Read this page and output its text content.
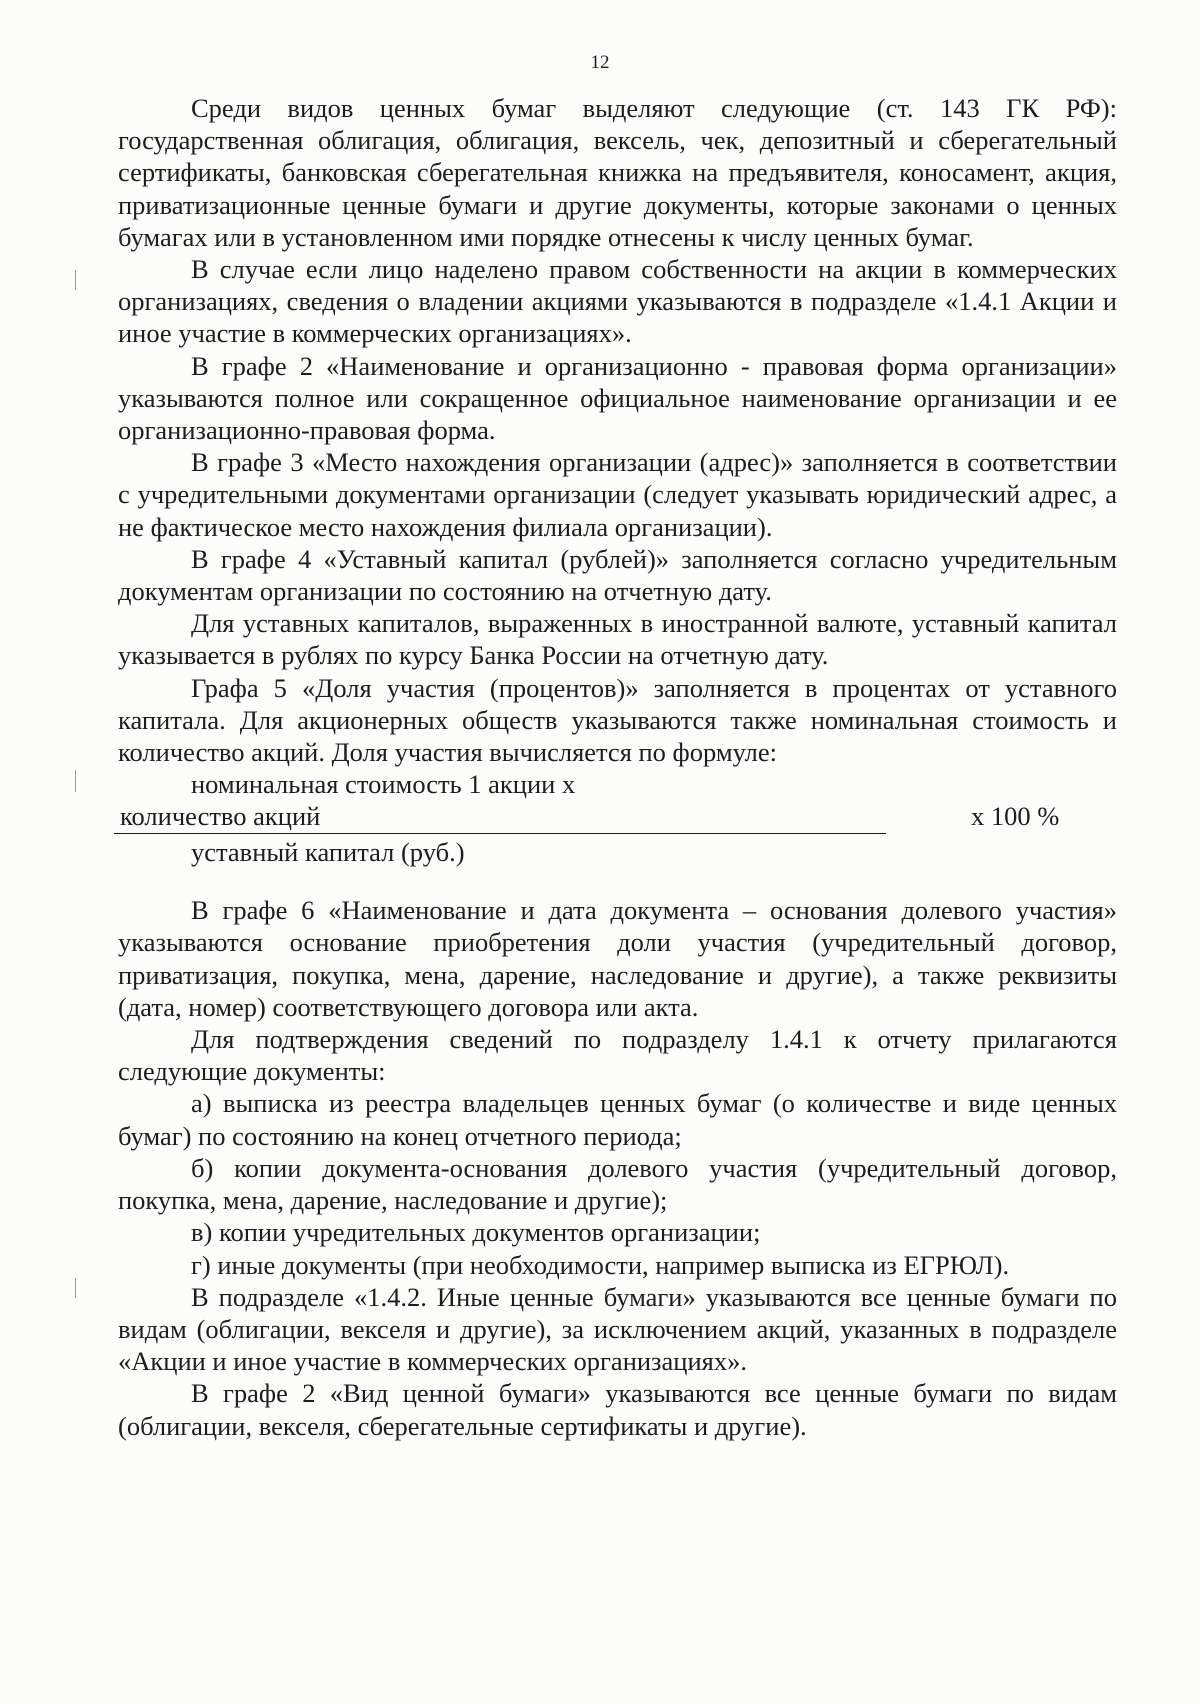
12

Среди видов ценных бумаг выделяют следующие (ст. 143 ГК РФ): государственная облигация, облигация, вексель, чек, депозитный и сберегательный сертификаты, банковская сберегательная книжка на предъявителя, коносамент, акция, приватизационные ценные бумаги и другие документы, которые законами о ценных бумагах или в установленном ими порядке отнесены к числу ценных бумаг.

В случае если лицо наделено правом собственности на акции в коммерческих организациях, сведения о владении акциями указываются в подразделе «1.4.1 Акции и иное участие в коммерческих организациях».

В графе 2 «Наименование и организационно - правовая форма организации» указываются полное или сокращенное официальное наименование организации и ее организационно-правовая форма.

В графе 3 «Место нахождения организации (адрес)» заполняется в соответствии с учредительными документами организации (следует указывать юридический адрес, а не фактическое место нахождения филиала организации).

В графе 4 «Уставный капитал (рублей)» заполняется согласно учредительным документам организации по состоянию на отчетную дату.

Для уставных капиталов, выраженных в иностранной валюте, уставный капитал указывается в рублях по курсу Банка России на отчетную дату.

Графа 5 «Доля участия (процентов)» заполняется в процентах от уставного капитала. Для акционерных обществ указываются также номинальная стоимость и количество акций. Доля участия вычисляется по формуле:

номинальная стоимость 1 акции х
количество акций	х 100 %
уставный капитал (руб.)

В графе 6 «Наименование и дата документа – основания долевого участия» указываются основание приобретения доли участия (учредительный договор, приватизация, покупка, мена, дарение, наследование и другие), а также реквизиты (дата, номер) соответствующего договора или акта.

Для подтверждения сведений по подразделу 1.4.1 к отчету прилагаются следующие документы:

а) выписка из реестра владельцев ценных бумаг (о количестве и виде ценных бумаг) по состоянию на конец отчетного периода;

б) копии документа-основания долевого участия (учредительный договор, покупка, мена, дарение, наследование и другие);

в) копии учредительных документов организации;

г) иные документы (при необходимости, например выписка из ЕГРЮЛ).

В подразделе «1.4.2. Иные ценные бумаги» указываются все ценные бумаги по видам (облигации, векселя и другие), за исключением акций, указанных в подразделе «Акции и иное участие в коммерческих организациях».

В графе 2 «Вид ценной бумаги» указываются все ценные бумаги по видам (облигации, векселя, сберегательные сертификаты и другие).
